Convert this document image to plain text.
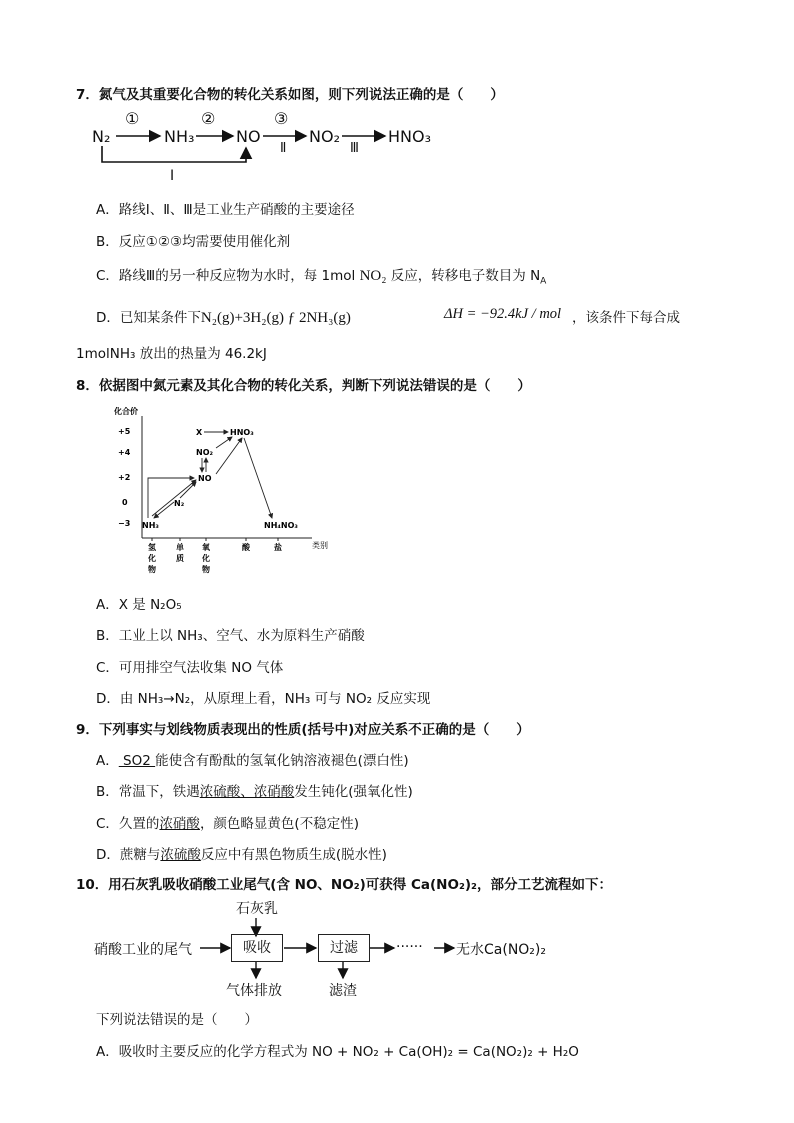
7．氮气及其重要化合物的转化关系如图，则下列说法正确的是（　　）
N₂	NH₃	NO	NO₂	HNO₃
①	②	③
Ⅱ	Ⅲ
Ⅰ
A．路线Ⅰ、Ⅱ、Ⅲ是工业生产硝酸的主要途径
B．反应①②③均需要使用催化剂
C．路线Ⅲ的另一种反应物为水时，每 1mol NO₂ 反应，转移电子数目为 $N_A$
D．已知某条件下N₂(g)+3H₂(g) ƒ 2NH₃(g)	ΔH = −92.4kJ / mol ，该条件下每合成
1molNH₃ 放出的热量为 46.2kJ
8．依据图中氮元素及其化合物的转化关系，判断下列说法错误的是（　　）
化合价
+5
+4
+2
0
−3
类别
氢化物
单质
氧化物
酸	盐
X	HNO₃
NO₂
NO
N₂
NH₃	NH₄NO₃
A．X 是 N₂O₅
B．工业上以 NH₃、空气、水为原料生产硝酸
C．可用排空气法收集 NO 气体
D．由 NH₃→N₂，从原理上看，NH₃ 可与 NO₂ 反应实现
9．下列事实与划线物质表现出的性质(括号中)对应关系不正确的是（　　）
A． SO2 能使含有酚酞的氢氧化钠溶液褪色(漂白性)
B．常温下，铁遇浓硫酸、浓硝酸发生钝化(强氧化性)
C．久置的浓硝酸，颜色略显黄色(不稳定性)
D．蔗糖与浓硫酸反应中有黑色物质生成(脱水性)
10．用石灰乳吸收硝酸工业尾气(含 NO、NO₂)可获得 Ca(NO₂)₂，部分工艺流程如下：
石灰乳
硝酸工业的尾气	吸收	过滤	······ 无水Ca(NO₂)₂
气体排放	滤渣
下列说法错误的是（　　）
A．吸收时主要反应的化学方程式为 NO + NO₂ + Ca(OH)₂ = Ca(NO₂)₂ + H₂O
